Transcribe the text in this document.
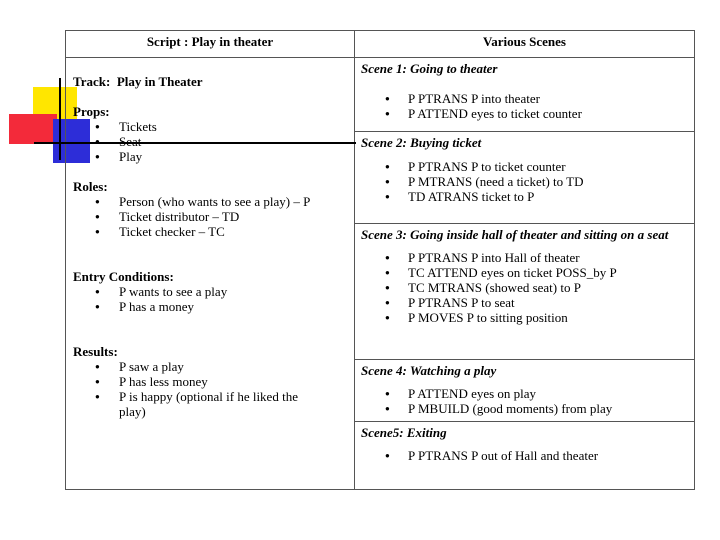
Script : Play in theater
Track: Play in Theater
Props:
● Tickets
●
● Play
Roles:
● Person (who wants to see a play) – P
● Ticket distributor – TD
● Ticket checker – TC
Entry Conditions:
● P wants to see a play
● P has a money
Results:
● P saw a play
● P has less money
● P is happy (optional if he liked the play)
Various Scenes
Scene 1: Going to theater
● P PTRANS P into theater
● P ATTEND eyes to ticket counter
Scene 2: Buying ticket
● P PTRANS P to ticket counter
● P MTRANS (need a ticket) to TD
● TD ATRANS ticket to P
Scene 3: Going inside hall of theater and sitting on a seat
● P PTRANS P into Hall of theater
● TC ATTEND eyes on ticket POSS_by P
● TC MTRANS (showed seat) to P
● P PTRANS P to seat
● P MOVES P to sitting position
Scene 4: Watching a play
● P ATTEND eyes on play
● P MBUILD (good moments) from play
Scene5: Exiting
● P PTRANS P out of Hall and theater
